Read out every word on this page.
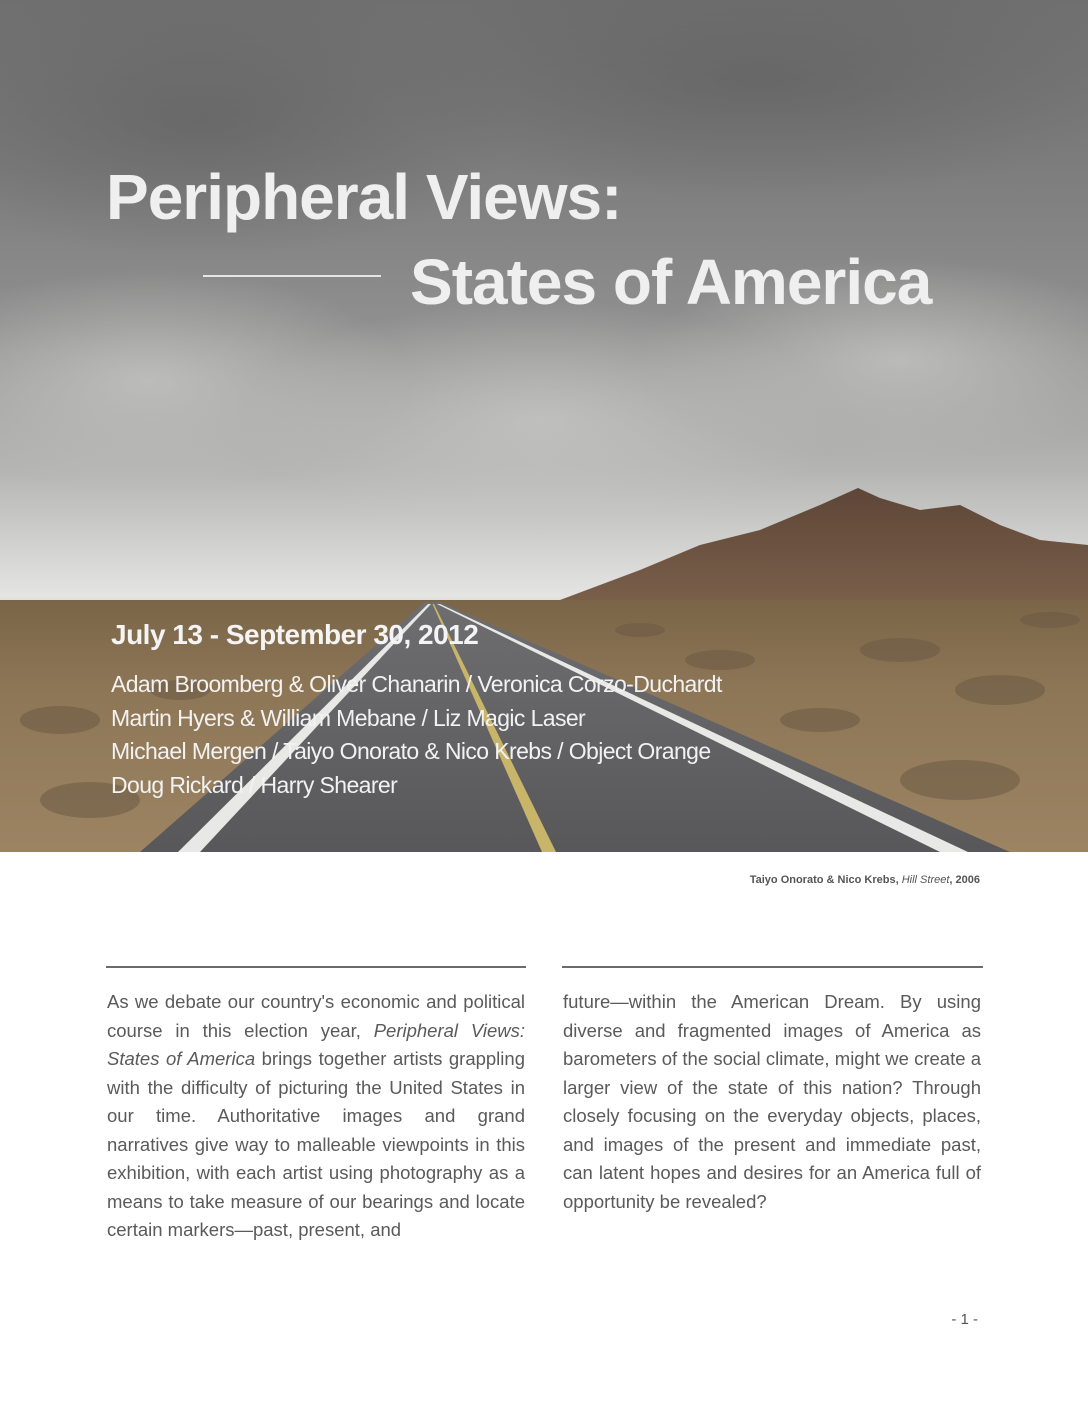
Peripheral Views:
States of America
July 13 - September 30, 2012
Adam Broomberg & Oliver Chanarin / Veronica Corzo-Duchardt
Martin Hyers & William Mebane / Liz Magic Laser
Michael Mergen / Taiyo Onorato & Nico Krebs / Object Orange
Doug Rickard / Harry Shearer
Taiyo Onorato & Nico Krebs, Hill Street, 2006

As we debate our country's economic and political course in this election year, Peripheral Views: States of America brings together artists grappling with the difficulty of picturing the United States in our time. Authoritative images and grand narratives give way to malleable viewpoints in this exhibition, with each artist using photography as a means to take measure of our bearings and locate certain markers—past, present, and

future—within the American Dream. By using diverse and fragmented images of America as barometers of the social climate, might we create a larger view of the state of this nation? Through closely focusing on the everyday objects, places, and images of the present and immediate past, can latent hopes and desires for an America full of opportunity be revealed?

- 1 -
